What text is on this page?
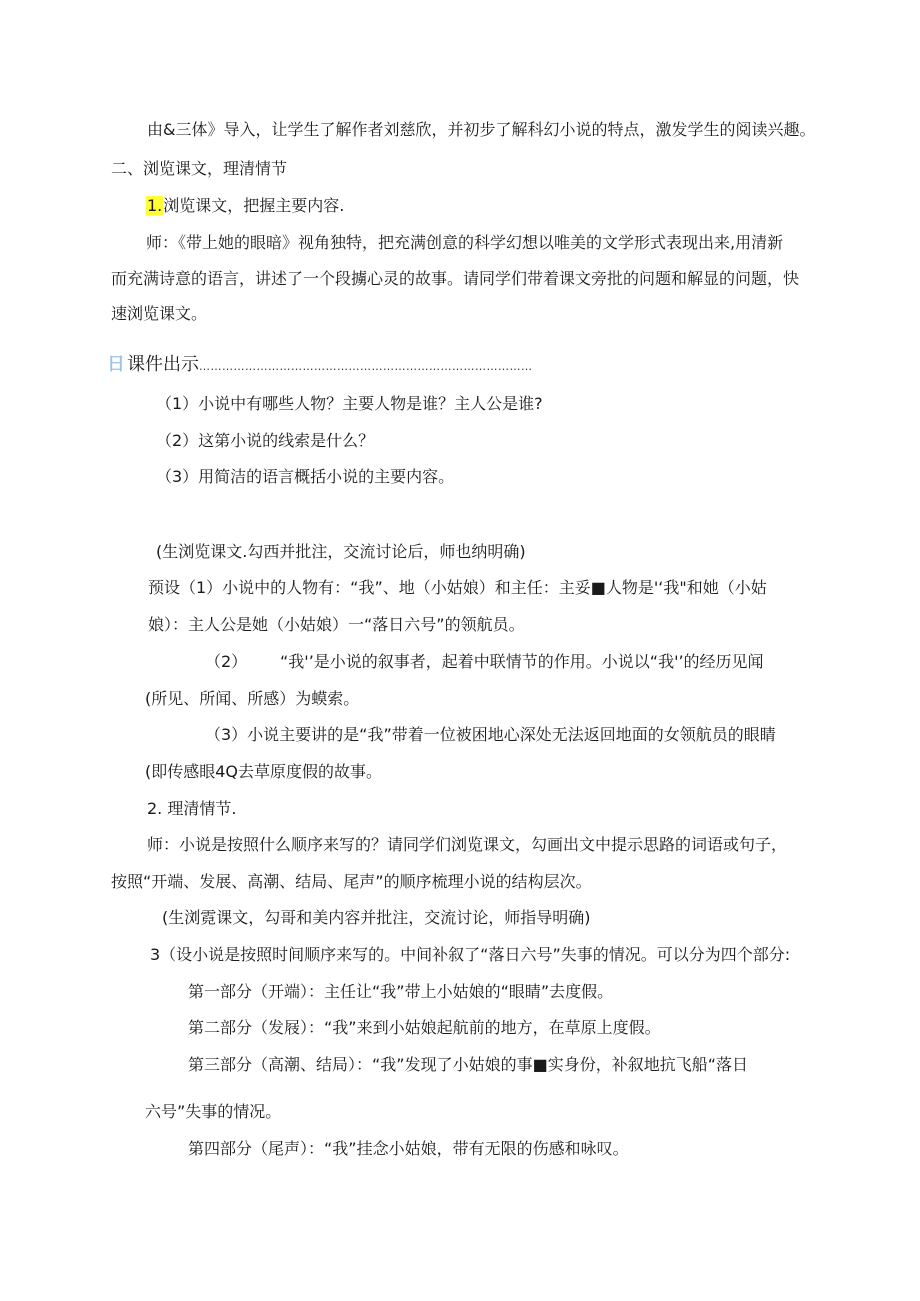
由&三体》导入，让学生了解作者刘慈欣，并初步了解科幻小说的特点，激发学生的阅读兴趣。
二、浏览课文，理清情节
1.浏览课文，把握主要内容.
师：《带上她的眼暗》视角独特，把充满创意的科学幻想以唯美的文学形式表现出来,用清新
而充满诗意的语言，讲述了一个段擄心灵的故事。请同学们带着课文旁批的问题和解显的问题，快
速浏览课文。
日 课件出示……………………………………………………………………………
（1）小说中有哪些人物？主要人物是谁？主人公是谁?
（2）这第小说的线索是什么？
（3）用简洁的语言概括小说的主要内容。
(生浏览课文.勾西并批注，交流讨论后，师也纳明确)
预设（1）小说中的人物有：“我”、地（小姑娘）和主任：主妥■人物是'‘我"和她（小姑
娘）：主人公是她（小姑娘）一“落日六号”的领航员。
（2） “我'’是小说的叙事者，起着中联情节的作用。小说以“我'’的经历见闻
(所见、所闻、所感）为蟆索。
（3）小说主要讲的是“我”带着一位被困地心深处无法返回地面的女领航员的眼睛
(即传感眼4Q去草原度假的故事。
2. 理清情节.
师：小说是按照什么顺序来写的？请同学们浏览课文，勾画出文中提示思路的词语或句子，
按照“开端、发展、高潮、结局、尾声”的顺序梳理小说的结构层次。
(生浏霓课文，勾哥和美内容并批注，交流讨论，师指导明确)
3（设小说是按照时间顺序来写的。中间补叙了“落日六号”失事的情况。可以分为四个部分:
第一部分（开端）：主任让“我”带上小姑娘的“眼睛”去度假。
第二部分（发屐）：“我”来到小姑娘起航前的地方，在草原上度假。
第三部分（高潮、结局）：“我”发现了小姑娘的事■实身份，补叙地抗飞船“落日
六号”失事的情况。
第四部分（尾声）：“我”挂念小姑娘，带有无限的伤感和咏叹。
